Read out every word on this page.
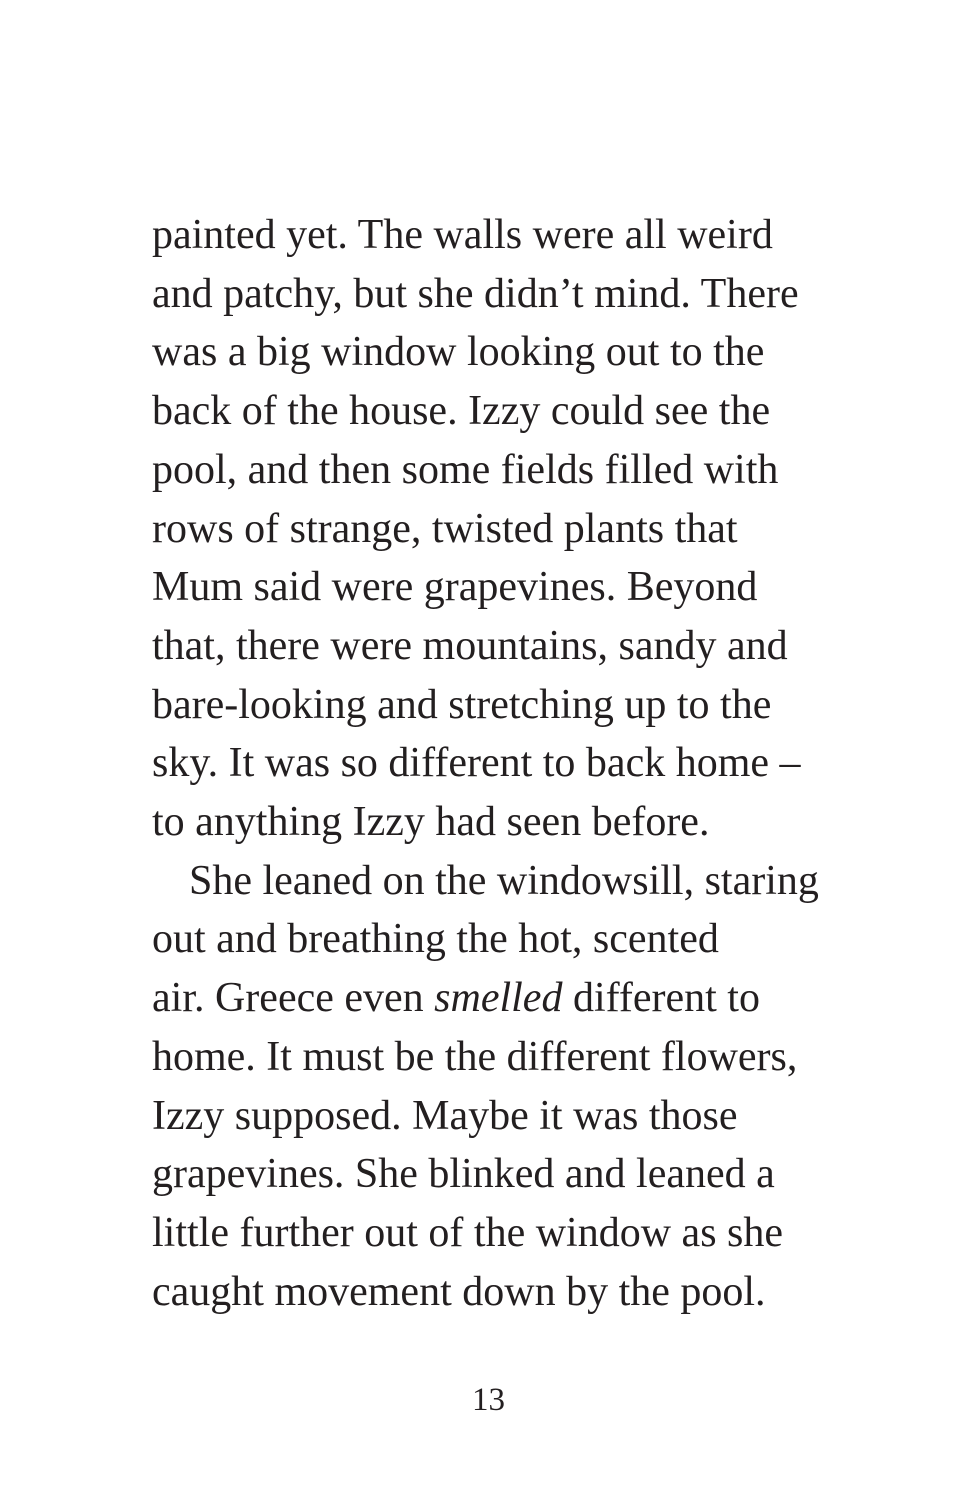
painted yet. The walls were all weird
and patchy, but she didn’t mind. There
was a big window looking out to the
back of the house. Izzy could see the
pool, and then some fields filled with
rows of strange, twisted plants that
Mum said were grapevines. Beyond
that, there were mountains, sandy and
bare-looking and stretching up to the
sky. It was so different to back home –
to anything Izzy had seen before.
She leaned on the windowsill, staring
out and breathing the hot, scented
air. Greece even smelled different to
home. It must be the different flowers,
Izzy supposed. Maybe it was those
grapevines. She blinked and leaned a
little further out of the window as she
caught movement down by the pool.
13
